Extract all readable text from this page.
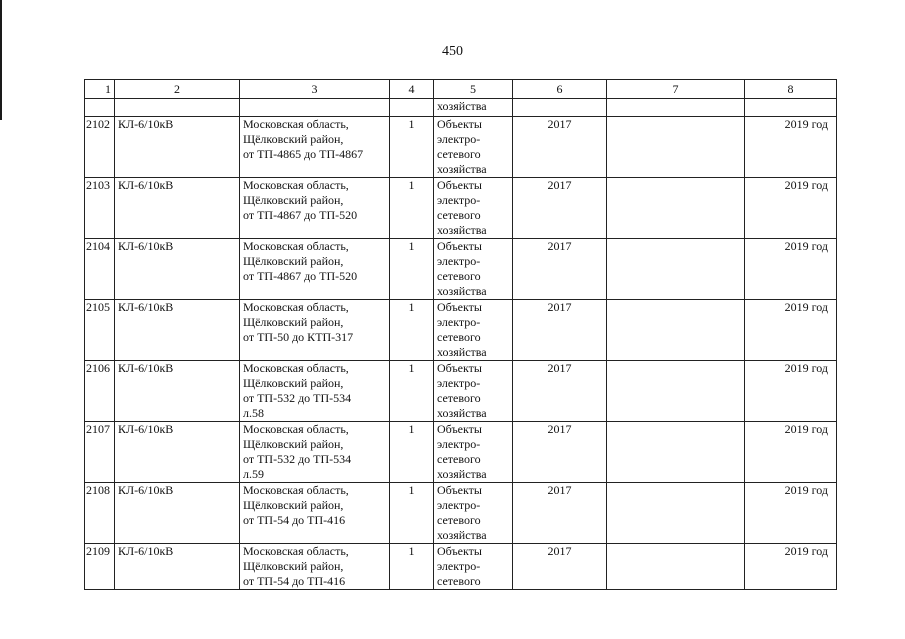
450
1	2	3	4	5	6	7	8
				хозяйства			
2102	КЛ-6/10кВ	Московская область,
Щёлковский район,
от ТП-4865 до ТП-4867	1	Объекты
электро-
сетевого
хозяйства	2017		2019 год
2103	КЛ-6/10кВ	Московская область,
Щёлковский район,
от ТП-4867 до ТП-520	1	Объекты
электро-
сетевого
хозяйства	2017		2019 год
2104	КЛ-6/10кВ	Московская область,
Щёлковский район,
от ТП-4867 до ТП-520	1	Объекты
электро-
сетевого
хозяйства	2017		2019 год
2105	КЛ-6/10кВ	Московская область,
Щёлковский район,
от ТП-50 до КТП-317	1	Объекты
электро-
сетевого
хозяйства	2017		2019 год
2106	КЛ-6/10кВ	Московская область,
Щёлковский район,
от ТП-532 до ТП-534
л.58	1	Объекты
электро-
сетевого
хозяйства	2017		2019 год
2107	КЛ-6/10кВ	Московская область,
Щёлковский район,
от ТП-532 до ТП-534
л.59	1	Объекты
электро-
сетевого
хозяйства	2017		2019 год
2108	КЛ-6/10кВ	Московская область,
Щёлковский район,
от ТП-54 до ТП-416	1	Объекты
электро-
сетевого
хозяйства	2017		2019 год
2109	КЛ-6/10кВ	Московская область,
Щёлковский район,
от ТП-54 до ТП-416	1	Объекты
электро-
сетевого	2017		2019 год
